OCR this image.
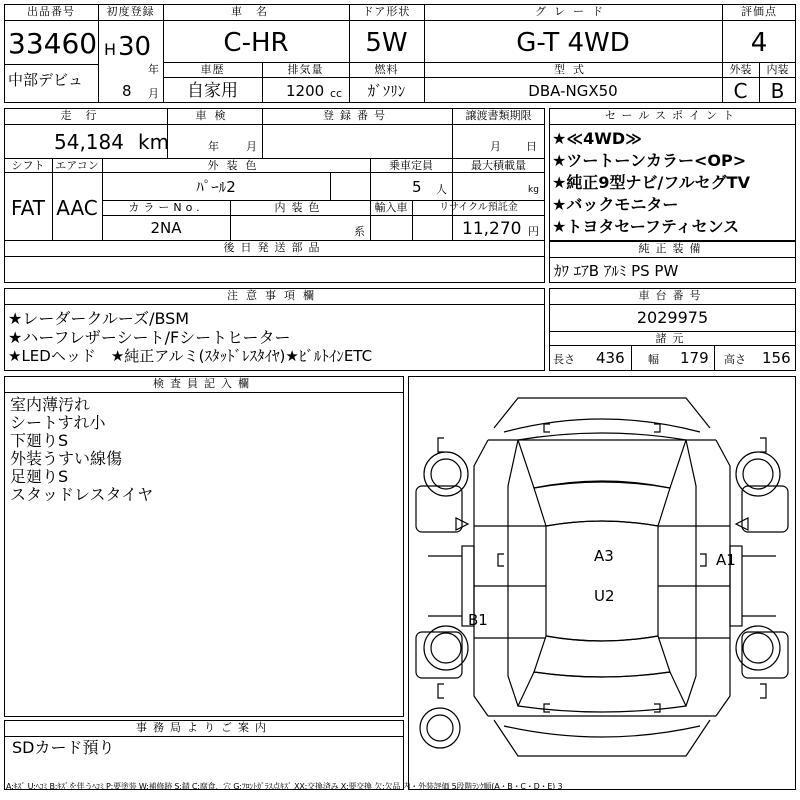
出品番号
33460
中部デビュ
初度登録
H 30
年
8 月
車名
C-HR
ドア形状
5W
グレード
G-T 4WD
評価点
4
車歴
自家用
排気量
1200 cc
燃料
ｶﾞｿﾘﾝ
型式
DBA-NGX50
外装	内装
C	B
走行
54,184 km
車検
年 月
登録番号	譲渡書類期限
月 日
シフト
FAT
エアコン
AAC
外装色
ﾊﾟｰﾙ2
乗車定員
5 人
最大積載量
kg
カラーNo.
2NA
内装色
系
輸入車	リサイクル預託金
11,270 円
後日発送部品
セールスポイント
★≪4WD≫
★ツートーンカラー<OP>
★純正9型ナビ/フルセグTV
★バックモニター
★トヨタセーフティセンス
純正装備
ｶﾜ ｴｱB ｱﾙﾐ PS PW
注意事項欄
★レーダークルーズ/BSM
★ハーフレザーシート/Fシートヒーター
★LEDヘッド　★純正アルミ(ｽﾀｯﾄﾞﾚｽﾀｲﾔ)★ﾋﾞﾙﾄｲﾝETC
車台番号
2029975
諸元
長さ 436 幅 179 高さ 156
検査員記入欄
室内薄汚れ
シートすれ小
下廻りS
外装うすい線傷
足廻りS
スタッドレスタイヤ
事務局よりご案内
SDカード預り
A3	A1
U2
B1
A:ｷｽﾞ U:ﾍｺﾐ B:ｷｽﾞを伴うﾍｺﾐ P:要塗装 W:補修跡 S:錆 C:腐食、穴 G:ﾌﾛﾝﾄｶﾞﾗｽ点ｷｽﾞ XX:交換済み X:要交換 欠:欠品 内・外装評価 5段階ﾗﾝｸ順(A・B・C・D・E) 3
